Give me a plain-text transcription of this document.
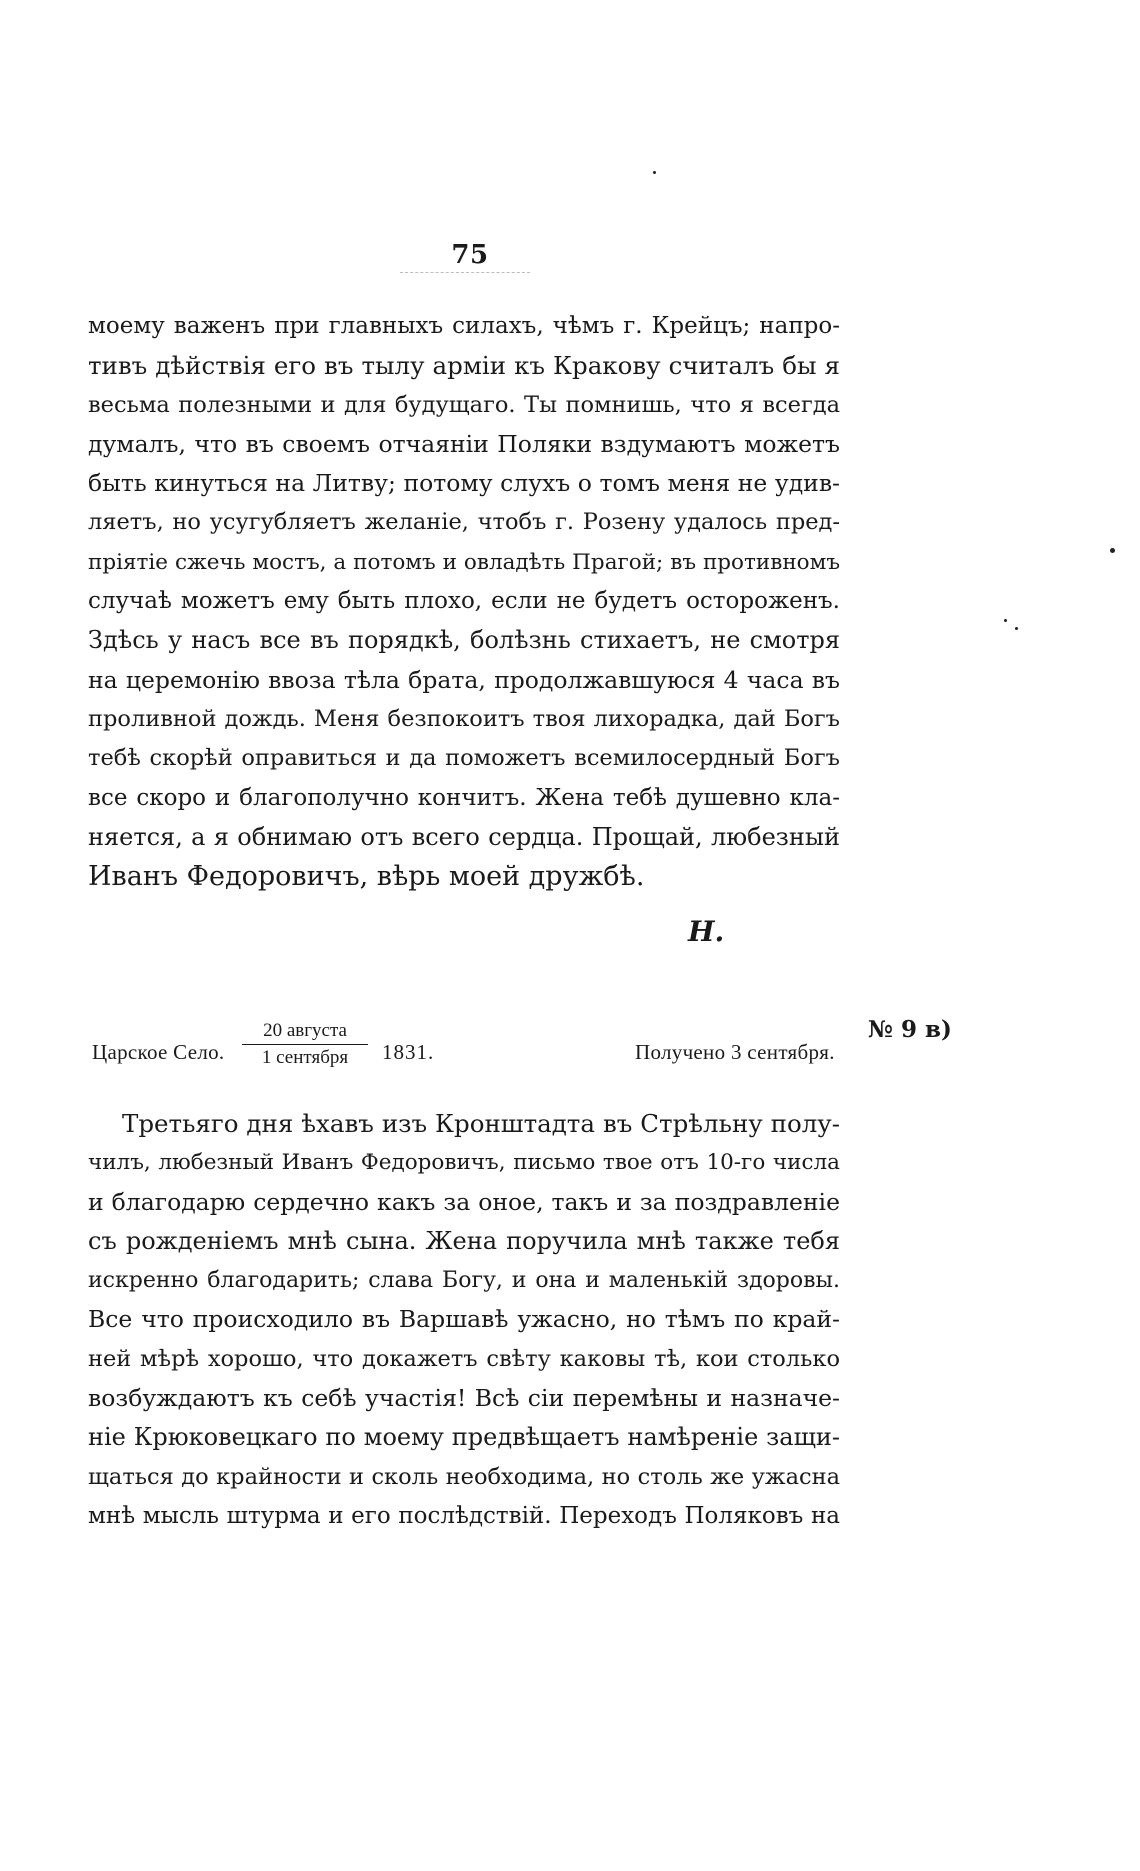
75
моему важенъ при главныхъ силахъ, чѣмъ г. Крейцъ; напро-
тивъ дѣйствія его въ тылу арміи къ Кракову считалъ бы я
весьма полезными и для будущаго. Ты помнишь, что я всегда
думалъ, что въ своемъ отчаяніи Поляки вздумаютъ можетъ
быть кинуться на Литву; потому слухъ о томъ меня не удив-
ляетъ, но усугубляетъ желаніе, чтобъ г. Розену удалось пред-
пріятіе сжечь мостъ, а потомъ и овладѣть Прагой; въ противномъ
случаѣ можетъ ему быть плохо, если не будетъ остороженъ.
Здѣсь у насъ все въ порядкѣ, болѣзнь стихаетъ, не смотря
на церемонію ввоза тѣла брата, продолжавшуюся 4 часа въ
проливной дождь. Меня безпокоитъ твоя лихорадка, дай Богъ
тебѣ скорѣй оправиться и да поможетъ всемилосердный Богъ
все скоро и благополучно кончитъ. Жена тебѣ душевно кла-
няется, а я обнимаю отъ всего сердца. Прощай, любезный
Иванъ Федоровичъ, вѣрь моей дружбѣ.
Н.
Царское Село.
20 августа
1 сентября	1831.	Получено 3 сентября.
№ 9 в)
Третьяго дня ѣхавъ изъ Кронштадта въ Стрѣльну полу-
чилъ, любезный Иванъ Федоровичъ, письмо твое отъ 10-го числа
и благодарю сердечно какъ за оное, такъ и за поздравленіе
съ рожденіемъ мнѣ сына. Жена поручила мнѣ также тебя
искренно благодарить; слава Богу, и она и маленькій здоровы.
Все что происходило въ Варшавѣ ужасно, но тѣмъ по край-
ней мѣрѣ хорошо, что докажетъ свѣту каковы тѣ, кои столько
возбуждаютъ къ себѣ участія! Всѣ сіи перемѣны и назначе-
ніе Крюковецкаго по моему предвѣщаетъ намѣреніе защи-
щаться до крайности и сколь необходима, но столь же ужасна
мнѣ мысль штурма и его послѣдствій. Переходъ Поляковъ на
